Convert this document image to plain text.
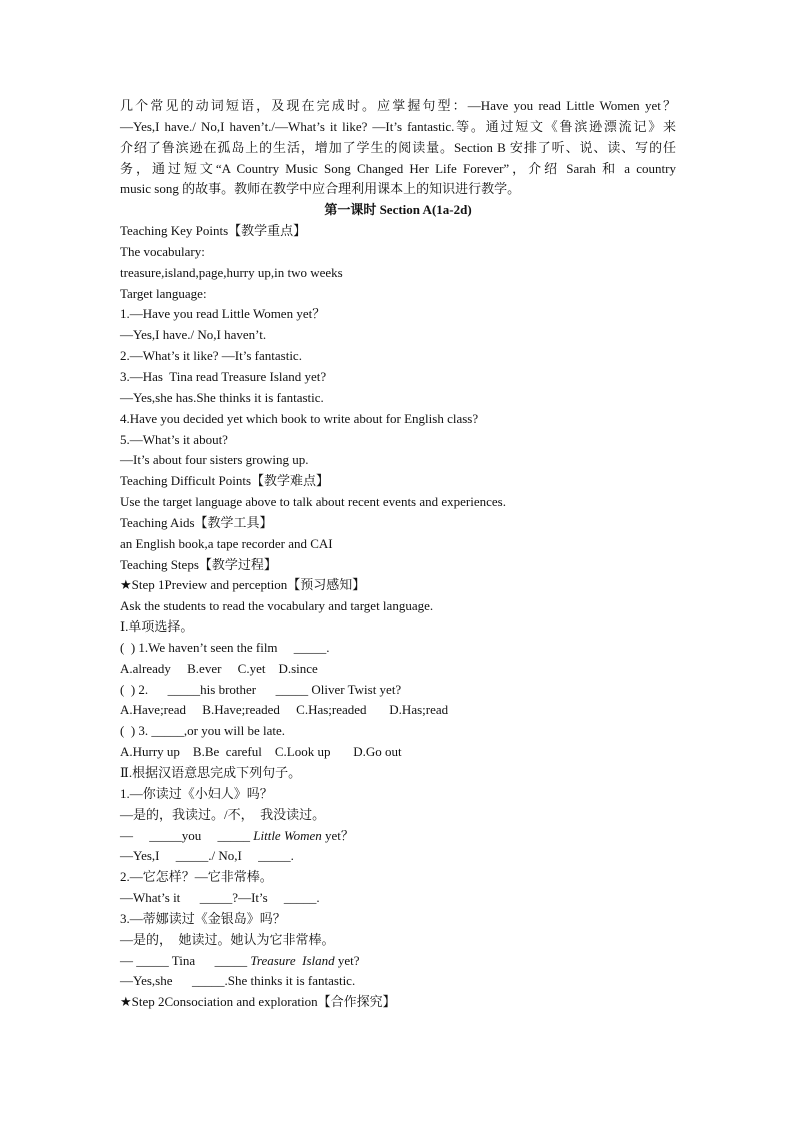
几个常见的动词短语，及现在完成时。应掌握句型：—Have you read Little Women yet？
—Yes,I have./ No,I haven’t./—What’s it like? —It’s fantastic.等。通过短文《鲁滨逊漂流记》来
介绍了鲁滨逊在孤岛上的生活，增加了学生的阅读量。Section B 安排了听、说、读、写的任
务，通过短文“A Country Music Song Changed Her Life Forever”，介绍 Sarah 和 a country
music song 的故事。教师在教学中应合理利用课本上的知识进行教学。
第一课时 Section A(1a-2d)
Teaching Key Points【教学重点】
The vocabulary:
treasure,island,page,hurry up,in two weeks
Target language:
1.—Have you read Little Women yet？
—Yes,I have./ No,I haven’t.
2.—What’s it like? —It’s fantastic.
3.—Has  Tina read Treasure Island yet?
—Yes,she has.She thinks it is fantastic.
4.Have you decided yet which book to write about for English class?
5.—What’s it about?
—It’s about four sisters growing up.
Teaching Difficult Points【教学难点】
Use the target language above to talk about recent events and experiences.
Teaching Aids【教学工具】
an English book,a tape recorder and CAI
Teaching Steps【教学过程】
★Step 1Preview and perception【预习感知】
Ask the students to read the vocabulary and target language.
Ⅰ.单项选择。
(  ) 1.We haven’t seen the film     _____.
A.already     B.ever     C.yet    D.since
(  ) 2.      _____his brother      _____ Oliver Twist yet?
A.Have;read     B.Have;readed     C.Has;readed       D.Has;read
(  ) 3. _____,or you will be late.
A.Hurry up    B.Be  careful    C.Look up       D.Go out
Ⅱ.根据汉语意思完成下列句子。
1.—你读过《小妇人》吗？
—是的，我读过。/不，  我没读过。
—     _____you     _____ Little Women yet？
—Yes,I     _____./ No,I     _____.
2.—它怎样？—它非常棒。
—What’s it      _____?—It’s     _____.
3.—蒂娜读过《金银岛》吗？
—是的，  她读过。她认为它非常棒。
— _____ Tina      _____ Treasure  Island yet?
—Yes,she      _____.She thinks it is fantastic.
★Step 2Consociation and exploration【合作探究】
